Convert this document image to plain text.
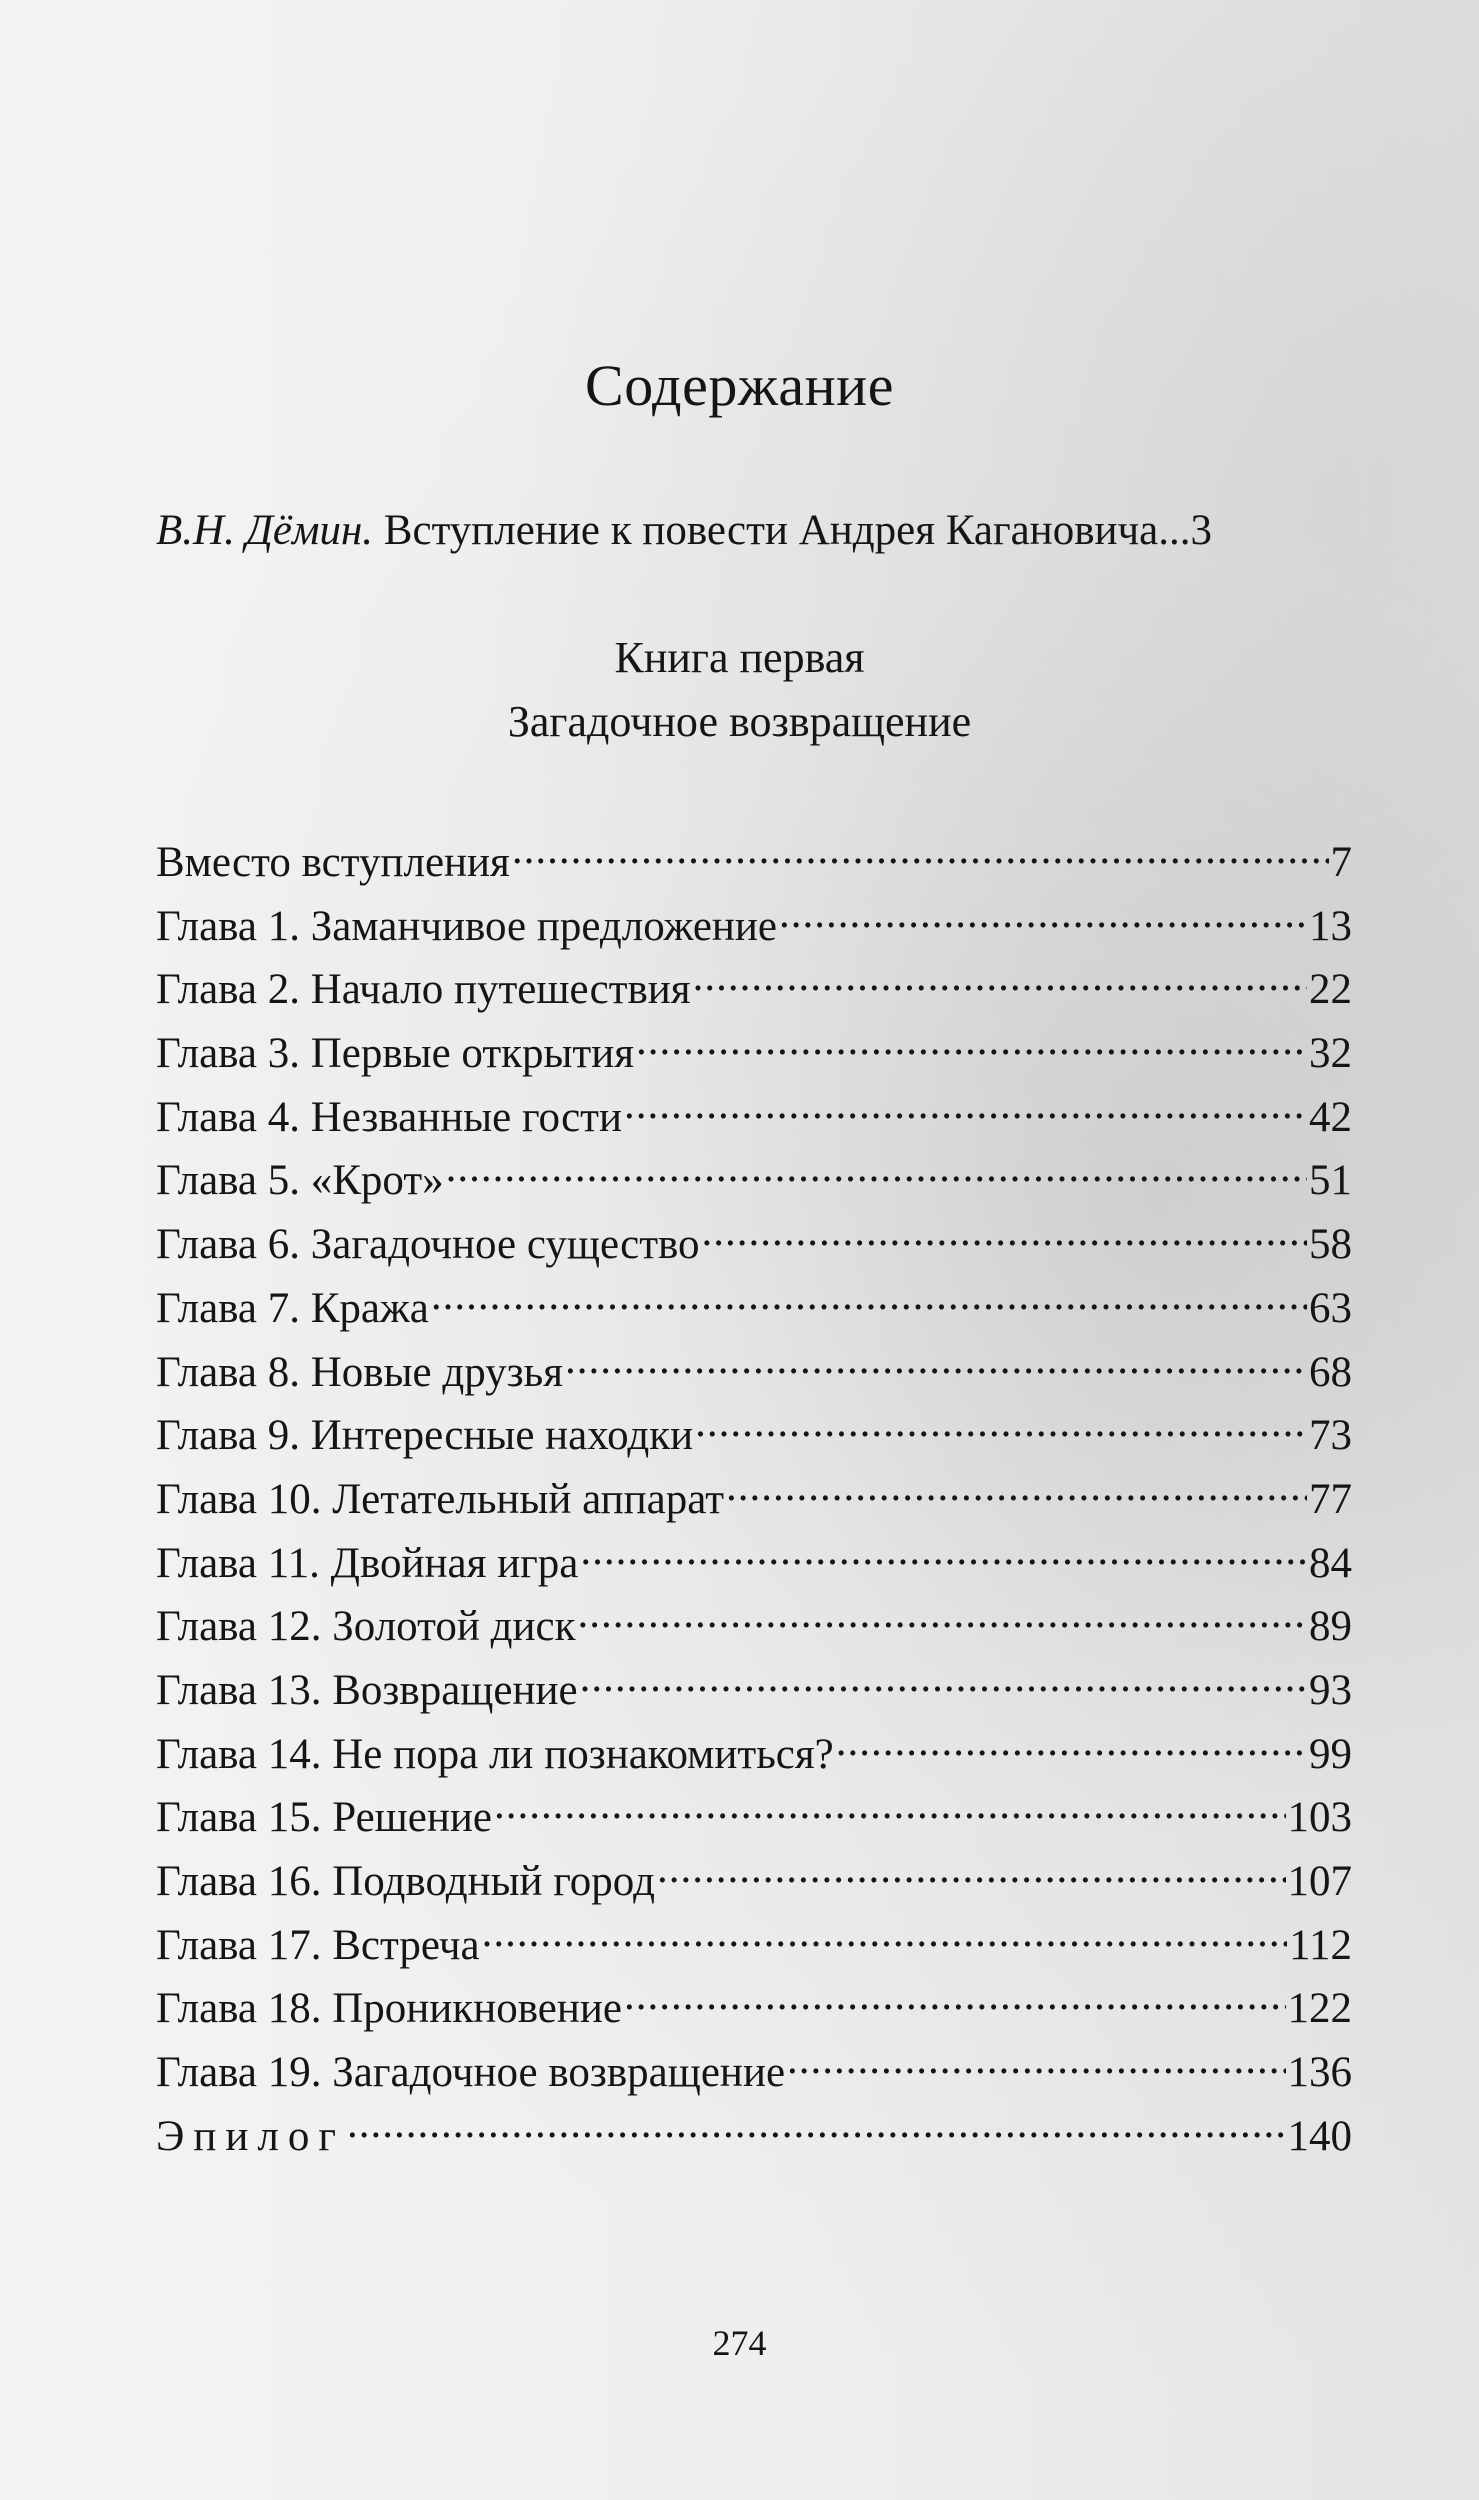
Содержание
В.Н. Дёмин. Вступление к повести Андрея Кагановича...3
Книга первая
Загадочное возвращение
Вместо вступления .....	7
Глава 1. Заманчивое предложение .....	13
Глава 2. Начало путешествия .....	22
Глава 3. Первые открытия .....	32
Глава 4. Незванные гости .....	42
Глава 5. «Крот» .....	51
Глава 6. Загадочное существо .....	58
Глава 7. Кража .....	63
Глава 8. Новые друзья .....	68
Глава 9. Интересные находки .....	73
Глава 10. Летательный аппарат .....	77
Глава 11. Двойная игра .....	84
Глава 12. Золотой диск .....	89
Глава 13. Возвращение .....	93
Глава 14. Не пора ли познакомиться? .....	99
Глава 15. Решение .....	103
Глава 16. Подводный город .....	107
Глава 17. Встреча .....	112
Глава 18. Проникновение .....	122
Глава 19. Загадочное возвращение .....	136
Эпилог .....	140
274
